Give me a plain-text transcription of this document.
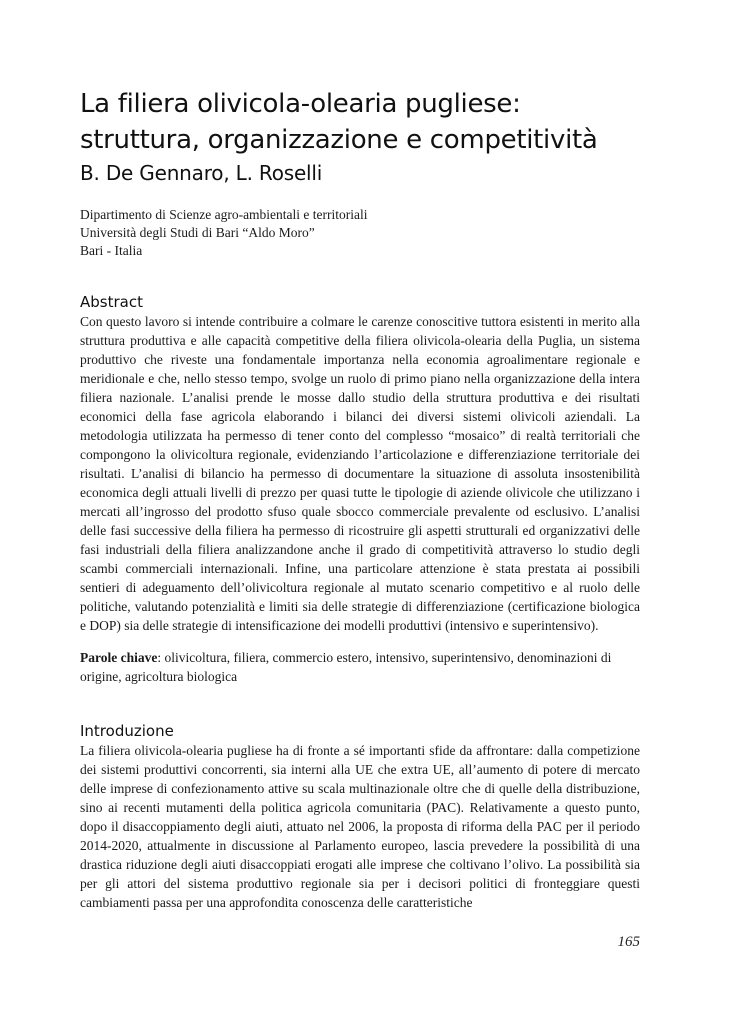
La filiera olivicola-olearia pugliese:
struttura, organizzazione e competitività
B. De Gennaro, L. Roselli
Dipartimento di Scienze agro-ambientali e territoriali
Università degli Studi di Bari “Aldo Moro”
Bari - Italia
Abstract

Con questo lavoro si intende contribuire a colmare le carenze conoscitive tuttora esistenti in merito alla struttura produttiva e alle capacità competitive della filiera olivicola-olearia della Puglia, un sistema produttivo che riveste una fondamentale importanza nella economia agroalimentare regionale e meridionale e che, nello stesso tempo, svolge un ruolo di primo piano nella organizzazione della intera filiera nazionale. L’analisi prende le mosse dallo studio della struttura produttiva e dei risultati economici della fase agricola elaborando i bilanci dei diversi sistemi olivicoli aziendali. La metodologia utilizzata ha permesso di tener conto del complesso “mosaico” di realtà territoriali che compongono la olivicoltura regionale, evidenziando l’articolazione e differenziazione territoriale dei risultati. L’analisi di bilancio ha permesso di documentare la situazione di assoluta insostenibilità economica degli attuali livelli di prezzo per quasi tutte le tipologie di aziende olivicole che utilizzano i mercati all’ingrosso del prodotto sfuso quale sbocco commerciale prevalente od esclusivo. L’analisi delle fasi successive della filiera ha permesso di ricostruire gli aspetti strutturali ed organizzativi delle fasi industriali della filiera analizzandone anche il grado di competitività attraverso lo studio degli scambi commerciali internazionali. Infine, una particolare attenzione è stata prestata ai possibili sentieri di adeguamento dell’olivicoltura regionale al mutato scenario competitivo e al ruolo delle politiche, valutando potenzialità e limiti sia delle strategie di differenziazione (certificazione biologica e DOP) sia delle strategie di intensificazione dei modelli produttivi (intensivo e superintensivo).

Parole chiave: olivicoltura, filiera, commercio estero, intensivo, superintensivo, denominazioni di origine, agricoltura biologica
Introduzione

La filiera olivicola-olearia pugliese ha di fronte a sé importanti sfide da affrontare: dalla competizione dei sistemi produttivi concorrenti, sia interni alla UE che extra UE, all’aumento di potere di mercato delle imprese di confezionamento attive su scala multinazionale oltre che di quelle della distribuzione, sino ai recenti mutamenti della politica agricola comunitaria (PAC). Relativamente a questo punto, dopo il disaccoppiamento degli aiuti, attuato nel 2006, la proposta di riforma della PAC per il periodo 2014-2020, attualmente in discussione al Parlamento europeo, lascia prevedere la possibilità di una drastica riduzione degli aiuti disaccoppiati erogati alle imprese che coltivano l’olivo. La possibilità sia per gli attori del sistema produttivo regionale sia per i decisori politici di fronteggiare questi cambiamenti passa per una approfondita conoscenza delle caratteristiche

165
